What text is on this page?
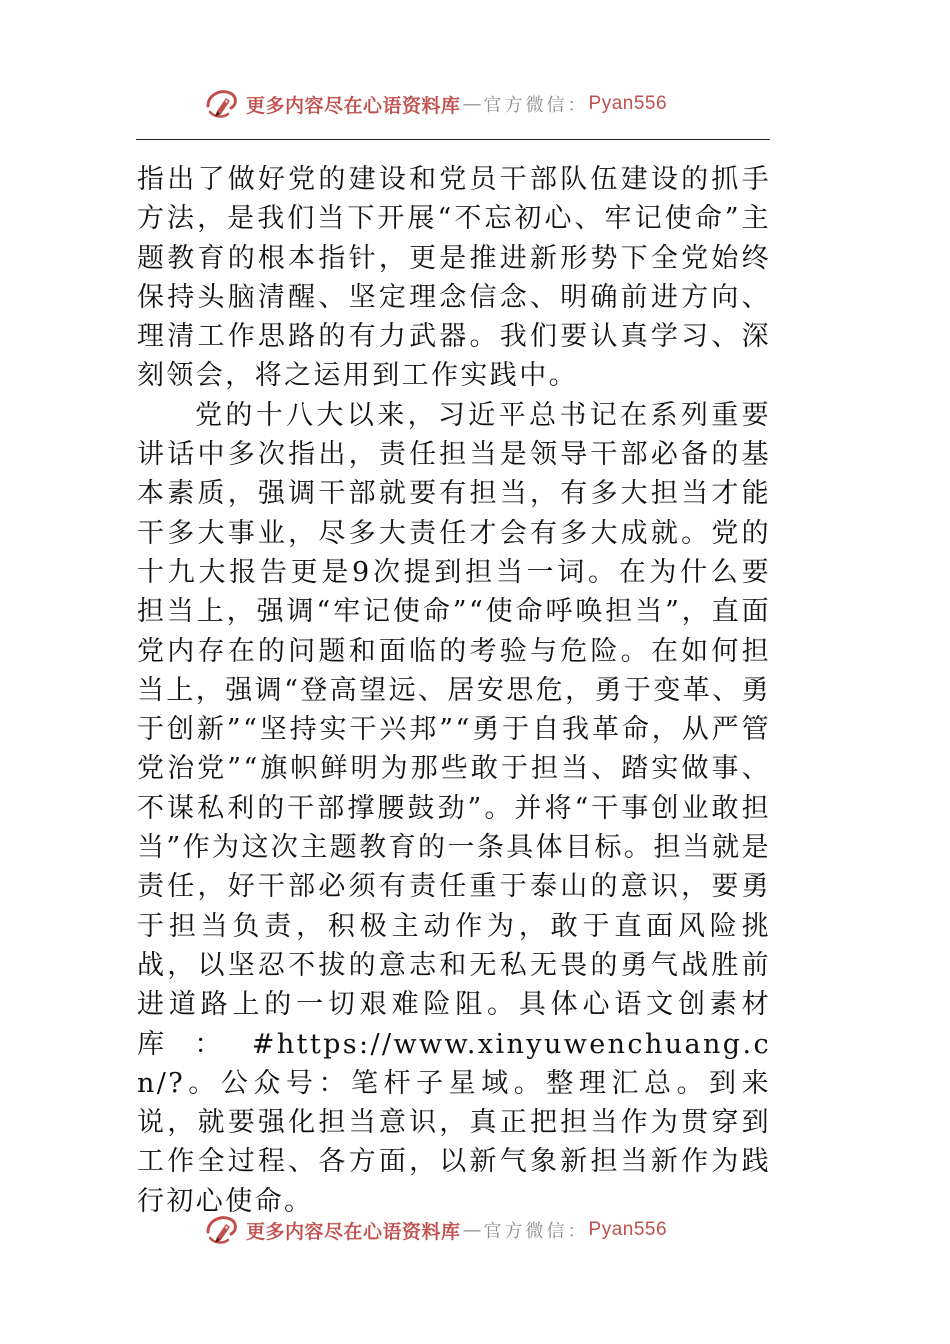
更多内容尽在心语资料库 — 官方微信： Pyan556

指出了做好党的建设和党员干部队伍建设的抓手方法，是我们当下开展“不忘初心、牢记使命”主题教育的根本指针，更是推进新形势下全党始终保持头脑清醒、坚定理念信念、明确前进方向、理清工作思路的有力武器。我们要认真学习、深刻领会，将之运用到工作实践中。

党的十八大以来，习近平总书记在系列重要讲话中多次指出，责任担当是领导干部必备的基本素质，强调干部就要有担当，有多大担当才能干多大事业，尽多大责任才会有多大成就。党的十九大报告更是9次提到担当一词。在为什么要担当上，强调“牢记使命”“使命呼唤担当”，直面党内存在的问题和面临的考验与危险。在如何担当上，强调“登高望远、居安思危，勇于变革、勇于创新”“坚持实干兴邦”“勇于自我革命，从严管党治党”“旗帜鲜明为那些敢于担当、踏实做事、不谋私利的干部撑腰鼓劲”。并将“干事创业敢担当”作为这次主题教育的一条具体目标。担当就是责任，好干部必须有责任重于泰山的意识，要勇于担当负责，积极主动作为，敢于直面风险挑战，以坚忍不拔的意志和无私无畏的勇气战胜前进道路上的一切艰难险阻。具体心语文创素材库：#https://www.xinyuwenchuang.cn/?。公众号：笔杆子星域。整理汇总。到来说，就要强化担当意识，真正把担当作为贯穿到工作全过程、各方面，以新气象新担当新作为践行初心使命。

更多内容尽在心语资料库 — 官方微信： Pyan556
